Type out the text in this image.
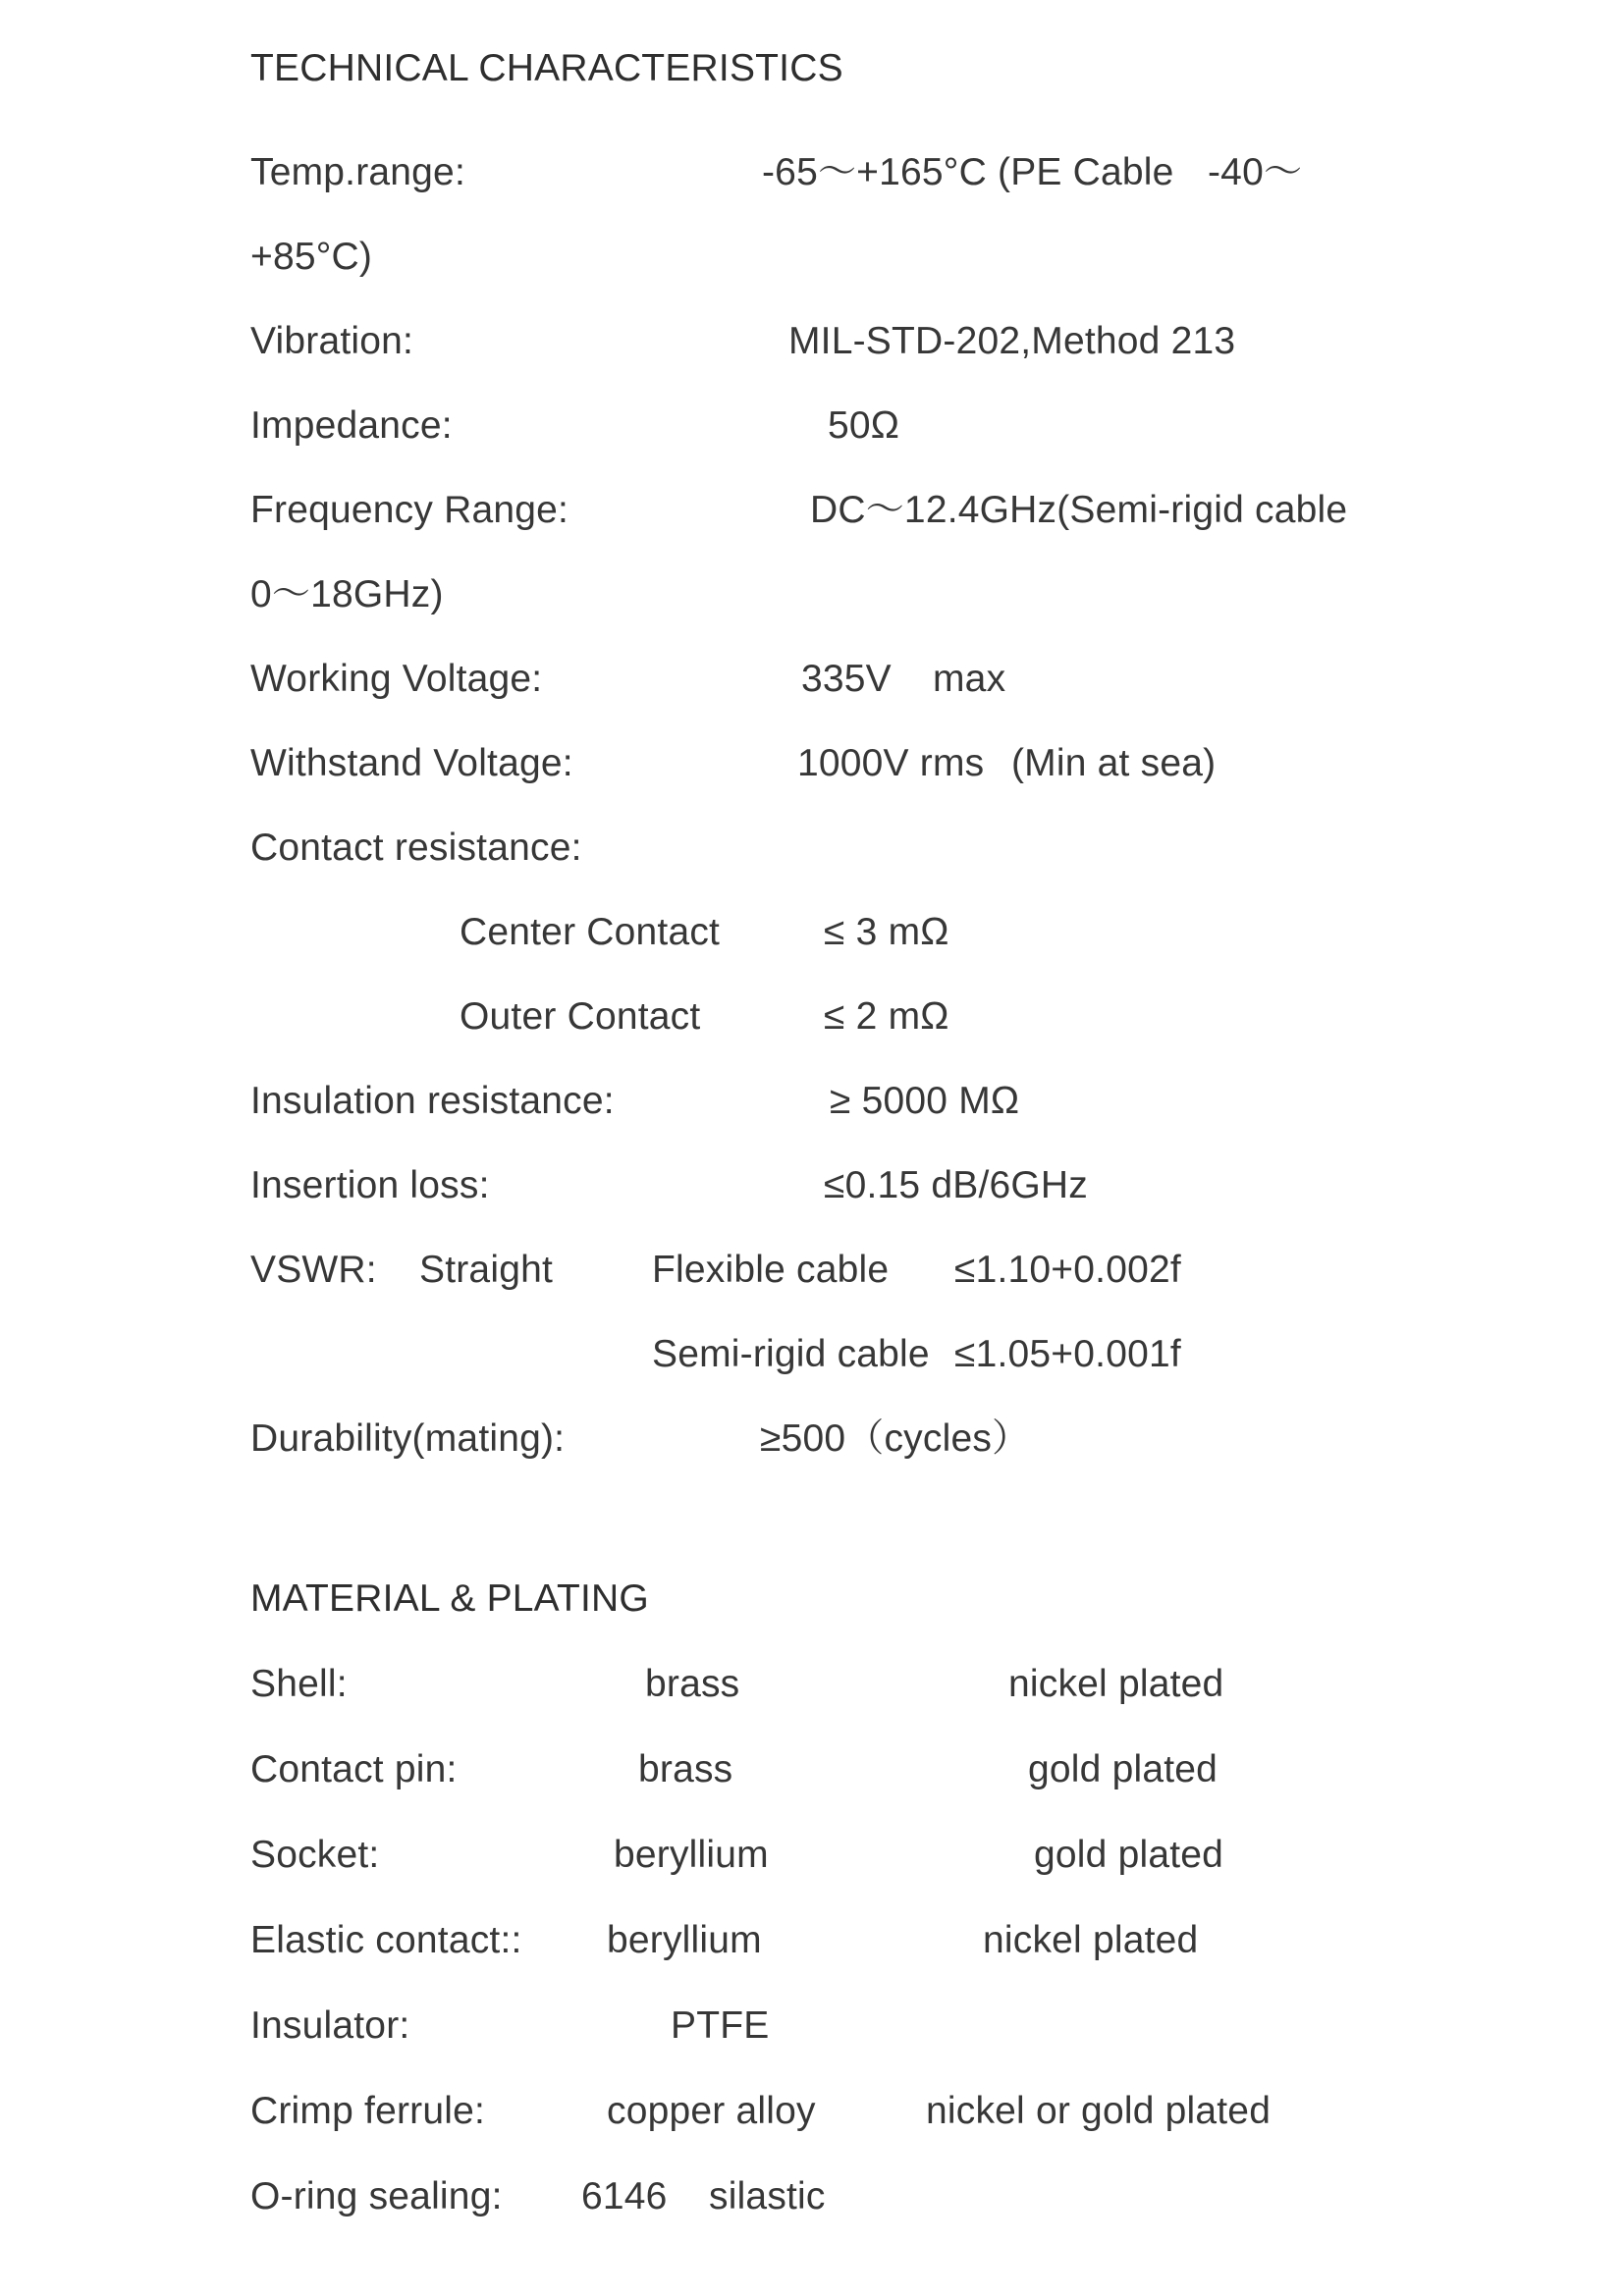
TECHNICAL CHARACTERISTICS
Temp.range:	-65～+165°C (PE Cable -40～
+85°C)
Vibration:	MIL-STD-202,Method 213
Impedance:	50Ω
Frequency Range:	DC～12.4GHz(Semi-rigid cable
0～18GHz)
Working Voltage:	335V max
Withstand Voltage:	1000V rms (Min at sea)
Contact resistance:
Center Contact	≤ 3 mΩ
Outer Contact	≤ 2 mΩ
Insulation resistance:	≥ 5000 MΩ
Insertion loss:	≤0.15 dB/6GHz
VSWR: Straight	Flexible cable ≤1.10+0.002f
Semi-rigid cable ≤1.05+0.001f
Durability(mating):	≥500（cycles）
MATERIAL & PLATING
Shell:	brass	nickel plated
Contact pin:	brass	gold plated
Socket:	beryllium	gold plated
Elastic contact:: beryllium	nickel plated
Insulator:	PTFE
Crimp ferrule:	copper alloy	nickel or gold plated
O-ring sealing: 6146 silastic
